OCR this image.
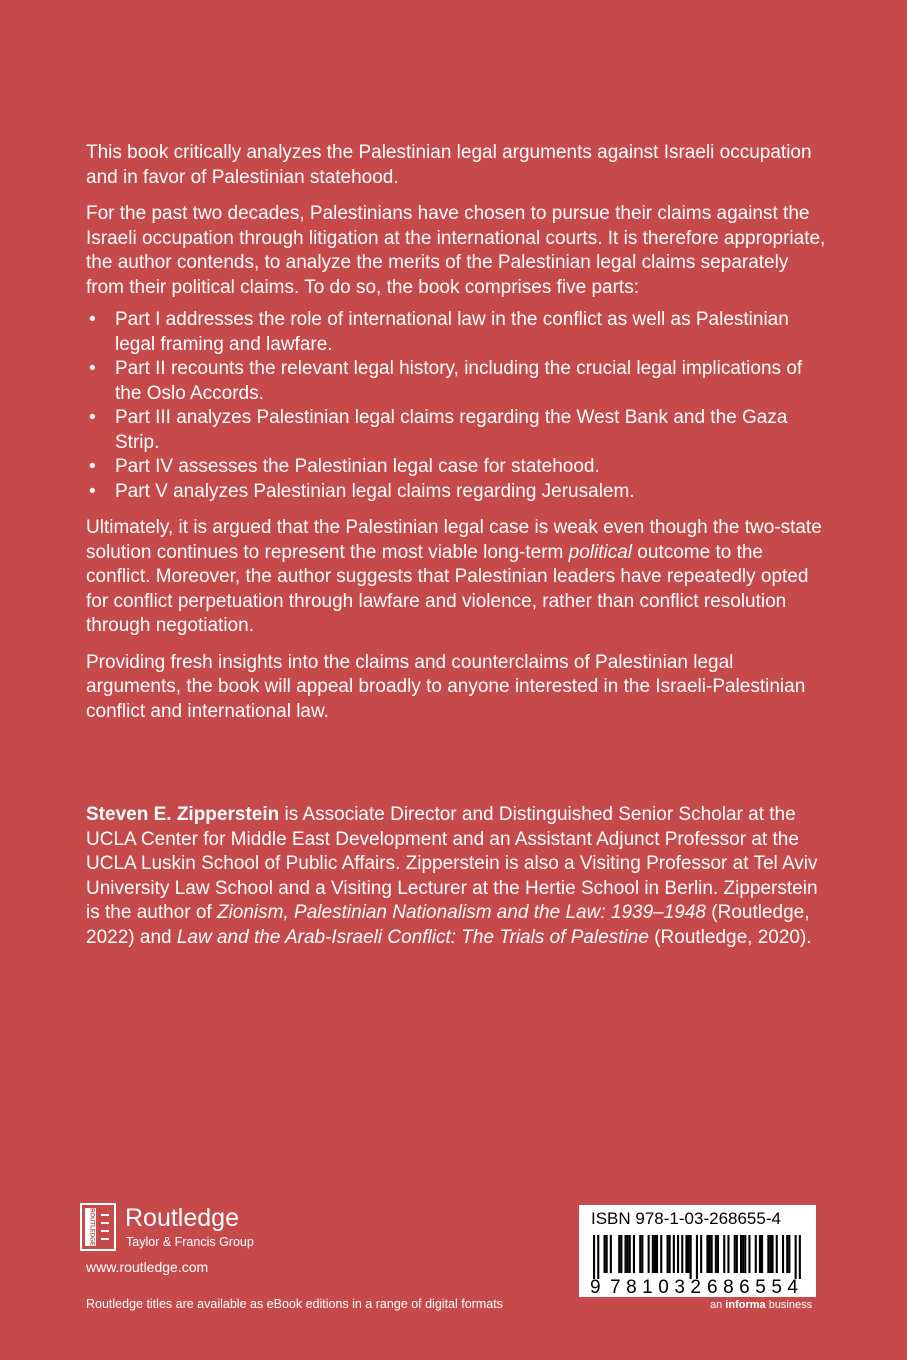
This book critically analyzes the Palestinian legal arguments against Israeli occupation and in favor of Palestinian statehood.

For the past two decades, Palestinians have chosen to pursue their claims against the Israeli occupation through litigation at the international courts. It is therefore appropriate, the author contends, to analyze the merits of the Palestinian legal claims separately from their political claims. To do so, the book comprises five parts:

• Part I addresses the role of international law in the conflict as well as Palestinian legal framing and lawfare.
• Part II recounts the relevant legal history, including the crucial legal implications of the Oslo Accords.
• Part III analyzes Palestinian legal claims regarding the West Bank and the Gaza Strip.
• Part IV assesses the Palestinian legal case for statehood.
• Part V analyzes Palestinian legal claims regarding Jerusalem.

Ultimately, it is argued that the Palestinian legal case is weak even though the two-state solution continues to represent the most viable long-term political outcome to the conflict. Moreover, the author suggests that Palestinian leaders have repeatedly opted for conflict perpetuation through lawfare and violence, rather than conflict resolution through negotiation.

Providing fresh insights into the claims and counterclaims of Palestinian legal arguments, the book will appeal broadly to anyone interested in the Israeli-Palestinian conflict and international law.

Steven E. Zipperstein is Associate Director and Distinguished Senior Scholar at the UCLA Center for Middle East Development and an Assistant Adjunct Professor at the UCLA Luskin School of Public Affairs. Zipperstein is also a Visiting Professor at Tel Aviv University Law School and a Visiting Lecturer at the Hertie School in Berlin. Zipperstein is the author of Zionism, Palestinian Nationalism and the Law: 1939–1948 (Routledge, 2022) and Law and the Arab-Israeli Conflict: The Trials of Palestine (Routledge, 2020).
ROUTLEDGE Routledge
Taylor & Francis Group
www.routledge.com
Routledge titles are available as eBook editions in a range of digital formats
ISBN 978-1-03-268655-4
9 781032 686554
an informa business
